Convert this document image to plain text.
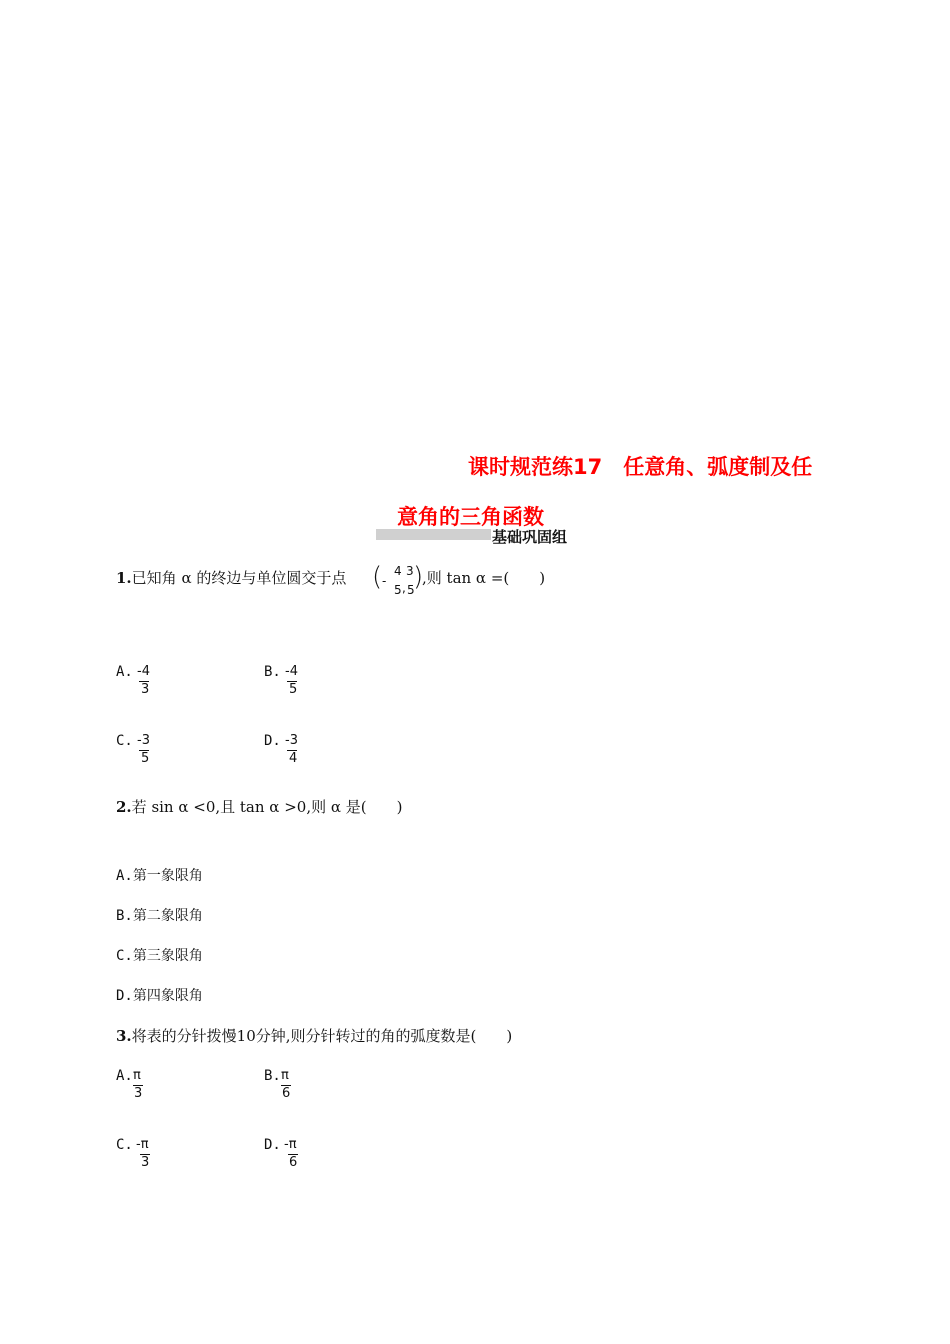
课时规范练17　任意角、弧度制及任
意角的三角函数
基础巩固组
1.已知角 α 的终边与单位圆交于点 ( -
4
5 ,
3
5
)
,则 tan α =(　　)
A. -4
3
B. -4
5
C. -3
5
D. -3
4
2.若 sin α <0,且 tan α >0,则 α 是(　　)
A.第一象限角
B.第二象限角
C.第三象限角
D.第四象限角
3.将表的分针拨慢10分钟,则分针转过的角的弧度数是(　　)
A. π
3
B. π
6
C. -π
3
D. -π
6
